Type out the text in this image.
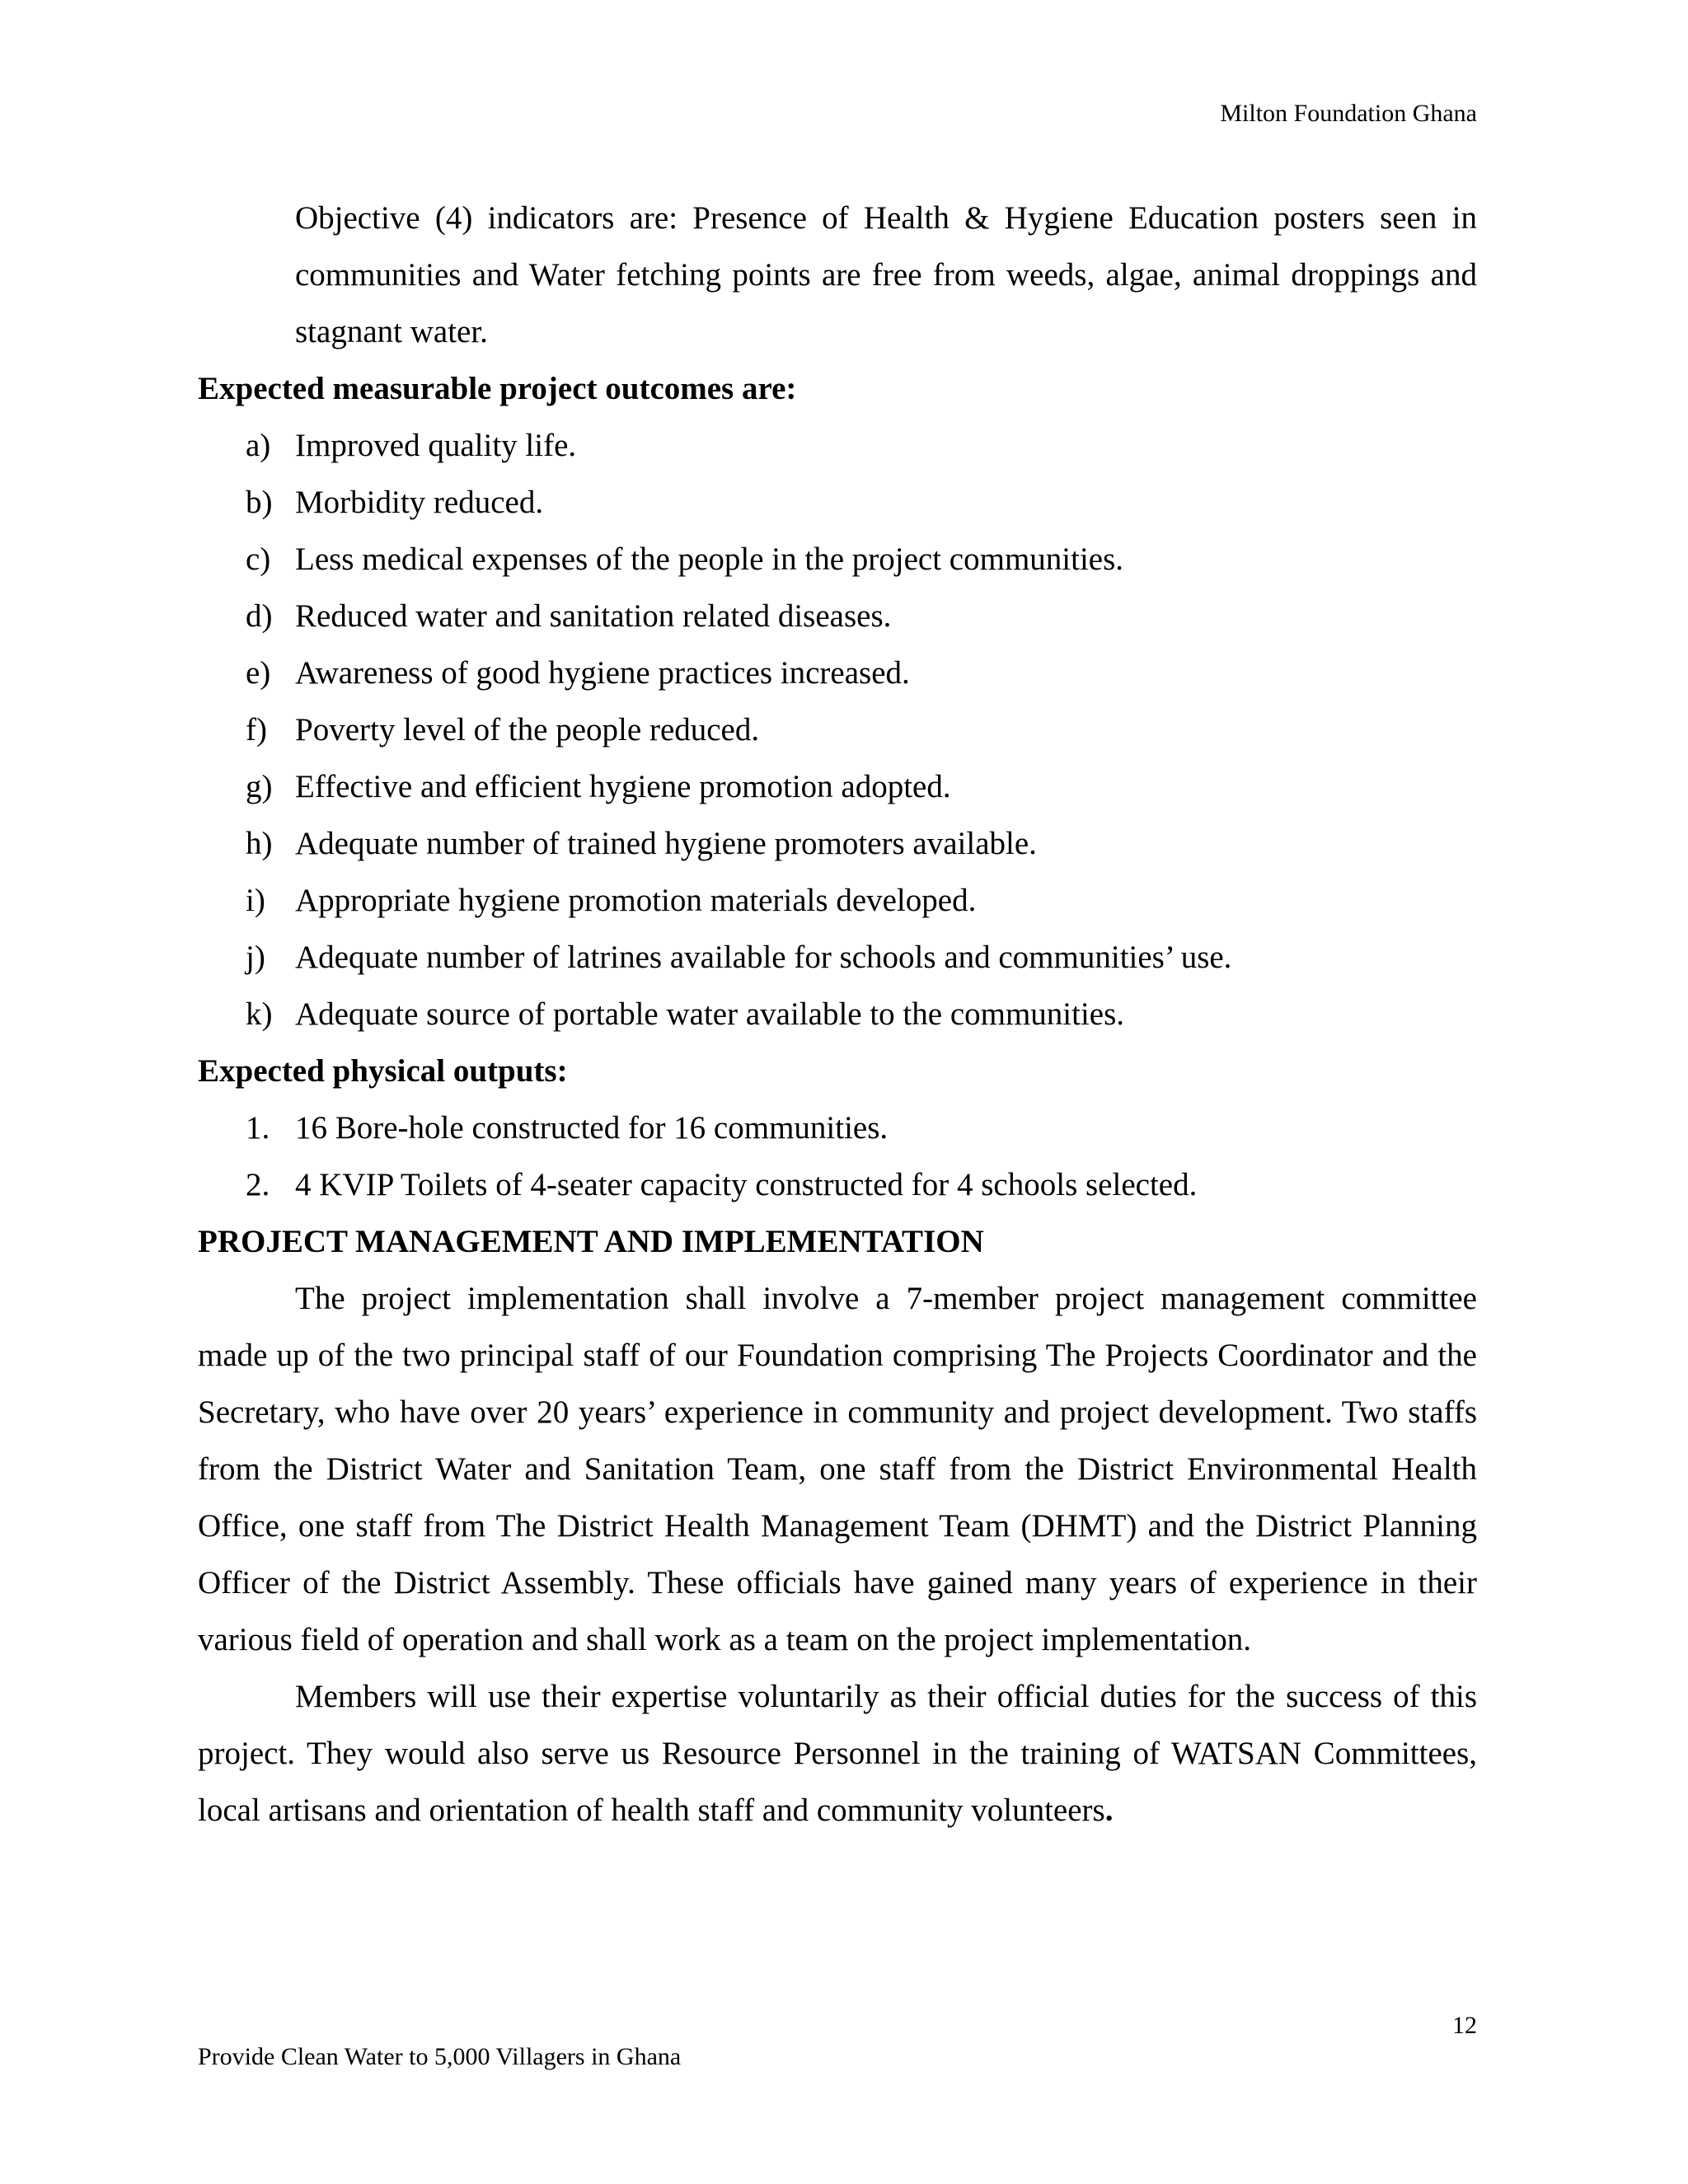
Milton Foundation Ghana

Objective (4) indicators are: Presence of Health & Hygiene Education posters seen in communities and Water fetching points are free from weeds, algae, animal droppings and stagnant water.

Expected measurable project outcomes are:

a) Improved quality life.
b) Morbidity reduced.
c) Less medical expenses of the people in the project communities.
d) Reduced water and sanitation related diseases.
e) Awareness of good hygiene practices increased.
f) Poverty level of the people reduced.
g) Effective and efficient hygiene promotion adopted.
h) Adequate number of trained hygiene promoters available.
i) Appropriate hygiene promotion materials developed.
j) Adequate number of latrines available for schools and communities’ use.
k) Adequate source of portable water available to the communities.

Expected physical outputs:

1. 16 Bore-hole constructed for 16 communities.
2. 4 KVIP Toilets of 4-seater capacity constructed for 4 schools selected.

PROJECT MANAGEMENT AND IMPLEMENTATION

The project implementation shall involve a 7-member project management committee made up of the two principal staff of our Foundation comprising The Projects Coordinator and the Secretary, who have over 20 years’ experience in community and project development. Two staffs from the District Water and Sanitation Team, one staff from the District Environmental Health Office, one staff from The District Health Management Team (DHMT) and the District Planning Officer of the District Assembly. These officials have gained many years of experience in their various field of operation and shall work as a team on the project implementation.

Members will use their expertise voluntarily as their official duties for the success of this project. They would also serve us Resource Personnel in the training of WATSAN Committees, local artisans and orientation of health staff and community volunteers.

12
Provide Clean Water to 5,000 Villagers in Ghana
